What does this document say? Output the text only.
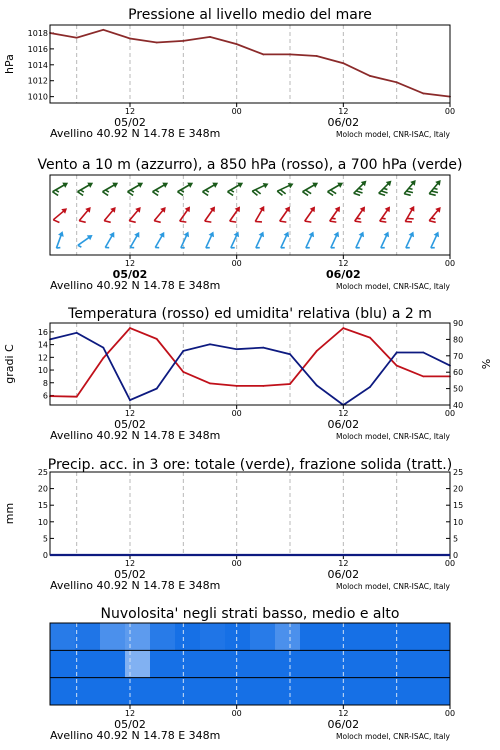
Pressione al livello medio del mare
12	00	12	00
05/02	06/02
Avellino 40.92 N 14.78 E 348m	Moloch model, CNR-ISAC, Italy
1010
1012
1014
1016
1018
hPa
Vento a 10 m (azzurro), a 850 hPa (rosso), a 700 hPa (verde)
12	00	12	00
05/02	06/02
Avellino 40.92 N 14.78 E 348m	Moloch model, CNR-ISAC, Italy
Temperatura (rosso) ed umidita' relativa (blu) a 2 m
12	00	12	00
05/02	06/02
Avellino 40.92 N 14.78 E 348m	Moloch model, CNR-ISAC, Italy
6
8
10
12
14
16
40
50
60
70
80
90
gradi C	%
Precip. acc. in 3 ore: totale (verde), frazione solida (tratt.)
12	00	12	00
05/02	06/02
Avellino 40.92 N 14.78 E 348m	Moloch model, CNR-ISAC, Italy
0
5
10
15
20
25
0
5
10
15
20
25
mm
Nuvolosita' negli strati basso, medio e alto
12	00	12	00
05/02	06/02
Avellino 40.92 N 14.78 E 348m	Moloch model, CNR-ISAC, Italy
